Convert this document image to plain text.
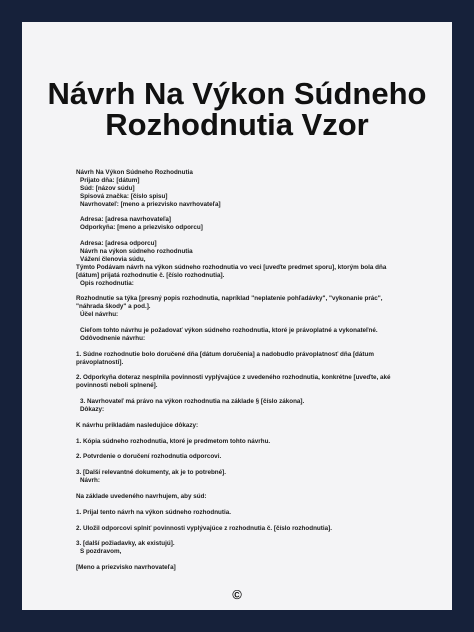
Návrh Na Výkon Súdneho
Rozhodnutia Vzor
Návrh Na Výkon Súdneho Rozhodnutia
Prijato dňa: [dátum]
Súd: [názov súdu]
Spisová značka: [číslo spisu]
Navrhovateľ: [meno a priezvisko navrhovateľa]
Adresa: [adresa navrhovateľa]
Odporkyňa: [meno a priezvisko odporcu]
Adresa: [adresa odporcu]
Návrh na výkon súdneho rozhodnutia
Vážení členovia súdu,
Týmto Podávam návrh na výkon súdneho rozhodnutia vo veci [uveďte predmet sporu], ktorým bola dňa [dátum] prijatá rozhodnutie č. [číslo rozhodnutia].
Opis rozhodnutia:
Rozhodnutie sa týka [presný popis rozhodnutia, napríklad "neplatenie pohľadávky", "vykonanie prác", "náhrada škody" a pod.].
Účel návrhu:
Cieľom tohto návrhu je požadovať výkon súdneho rozhodnutia, ktoré je právoplatné a vykonateľné.
Odôvodnenie návrhu:
1. Súdne rozhodnutie bolo doručené dňa [dátum doručenia] a nadobudlo právoplatnosť dňa [dátum právoplatnosti].
2. Odporkyňa doteraz nesplnila povinnosti vyplývajúce z uvedeného rozhodnutia, konkrétne [uveďte, aké povinnosti neboli splnené].
3. Navrhovateľ má právo na výkon rozhodnutia na základe § [číslo zákona].
Dôkazy:
K návrhu prikladám nasledujúce dôkazy:
1. Kópia súdneho rozhodnutia, ktoré je predmetom tohto návrhu.
2. Potvrdenie o doručení rozhodnutia odporcovi.
3. [Další relevantné dokumenty, ak je to potrebné].
Návrh:
Na základe uvedeného navrhujem, aby súd:
1. Prijal tento návrh na výkon súdneho rozhodnutia.
2. Uložil odporcovi splniť povinnosti vyplývajúce z rozhodnutia č. [číslo rozhodnutia].
3. [další požiadavky, ak existujú].
S pozdravom,
[Meno a priezvisko navrhovateľa]
©
